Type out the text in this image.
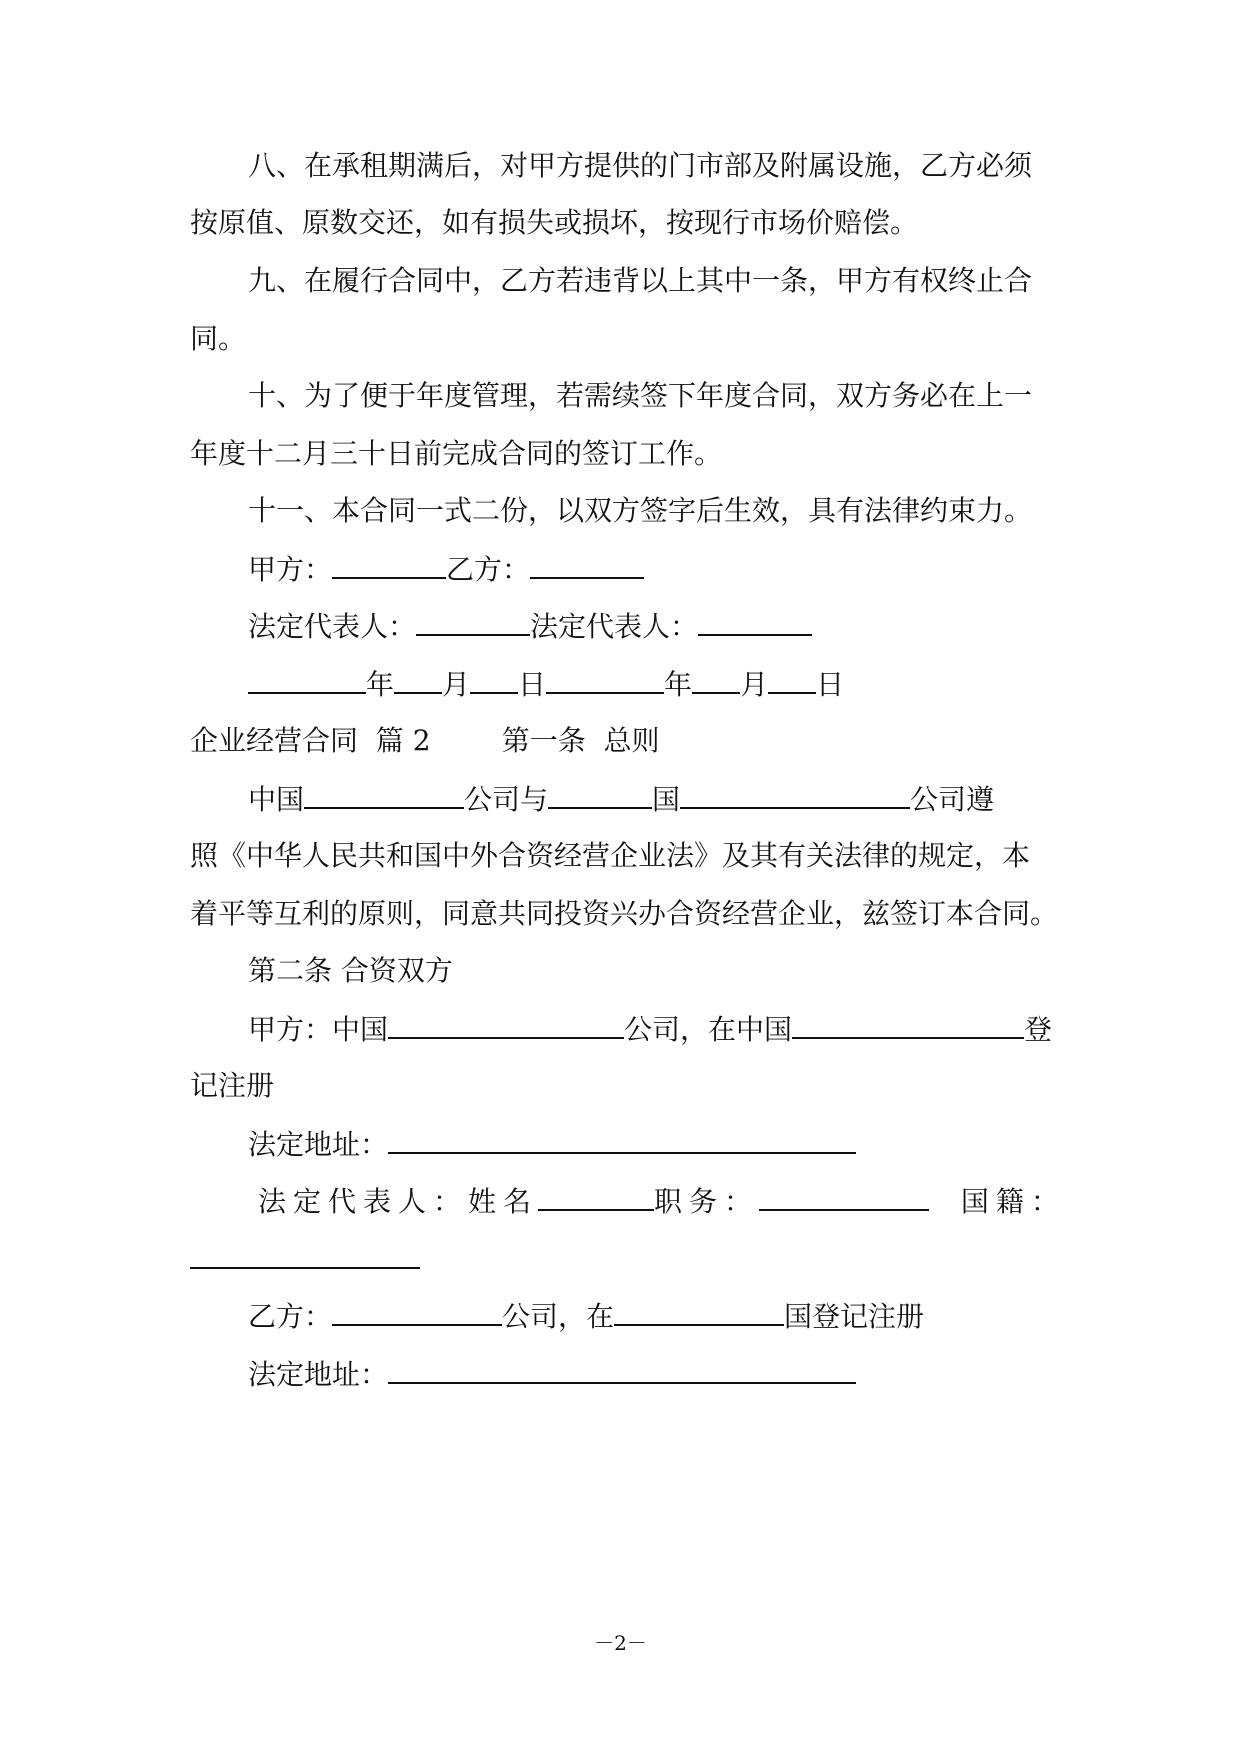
八、在承租期满后，对甲方提供的门市部及附属设施，乙方必须
按原值、原数交还，如有损失或损坏，按现行市场价赔偿。
九、在履行合同中，乙方若违背以上其中一条，甲方有权终止合
同。
十、为了便于年度管理，若需续签下年度合同，双方务必在上一
年度十二月三十日前完成合同的签订工作。
十一、本合同一式二份，以双方签字后生效，具有法律约束力。
甲方：	乙方：
法定代表人：	法定代表人：
年 月 日	年 月 日
企业经营合同  篇 2        第一条  总则
中国	公司与	国	公司遵
照《中华人民共和国中外合资经营企业法》及其有关法律的规定，本
着平等互利的原则，同意共同投资兴办合资经营企业，兹签订本合同。
第二条 合资双方
甲方：中国	公司，在中国	登
记注册
法定地址：
法定代表人：姓名	职务：	国籍：
乙方：	公司，在	国登记注册
法定地址：
－2－
